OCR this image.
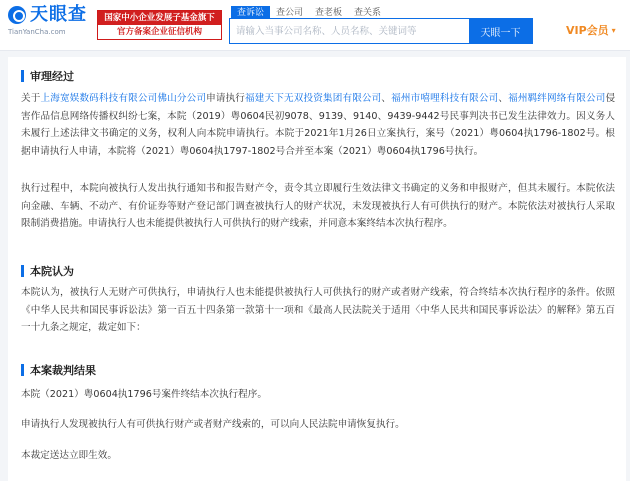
天眼查
TianYanCha.com
国家中小企业发展子基金旗下
官方备案企业征信机构
查诉讼	查公司	查老板	查关系
请输入当事公司名称、人员名称、关键词等
天眼一下	VIP会员 ▾
审理经过
关于上海宽娱数码科技有限公司佛山分公司申请执行福建天下无双投资集团有限公司、福州市嘻哩科技有限公司、福州羁绊网络有限公司侵害作品信息网络传播权纠纷七案，本院（2019）粤0604民初9078、9139、9140、9439-9442号民事判决书已发生法律效力。因义务人未履行上述法律文书确定的义务，权利人向本院申请执行。本院于2021年1月26日立案执行，案号（2021）粤0604执1796-1802号。根据申请执行人申请，本院将（2021）粤0604执1797-1802号合并至本案（2021）粤0604执1796号执行。
执行过程中，本院向被执行人发出执行通知书和报告财产令，责令其立即履行生效法律文书确定的义务和申报财产，但其未履行。本院依法向金融、车辆、不动产、有价证券等财产登记部门调查被执行人的财产状况，未发现被执行人有可供执行的财产。本院依法对被执行人采取限制消费措施。申请执行人也未能提供被执行人可供执行的财产线索，并同意本案终结本次执行程序。
本院认为
本院认为，被执行人无财产可供执行，申请执行人也未能提供被执行人可供执行的财产或者财产线索，符合终结本次执行程序的条件。依照《中华人民共和国民事诉讼法》第一百五十四条第一款第十一项和《最高人民法院关于适用〈中华人民共和国民事诉讼法〉的解释》第五百一十九条之规定，裁定如下：
本案裁判结果
本院（2021）粤0604执1796号案件终结本次执行程序。
申请执行人发现被执行人有可供执行财产或者财产线索的，可以向人民法院申请恢复执行。
本裁定送达立即生效。
